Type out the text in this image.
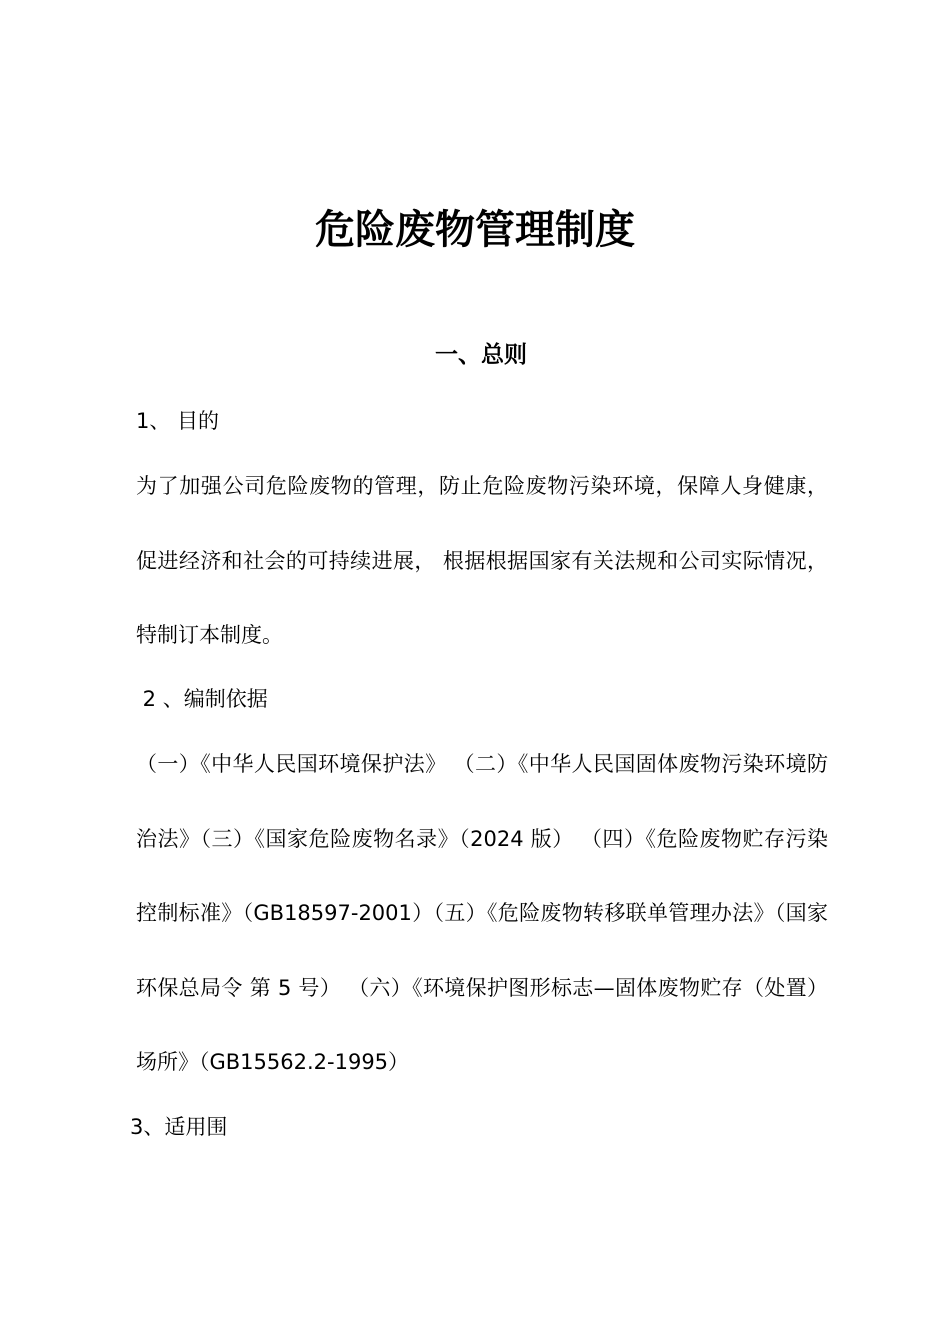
危险废物管理制度
一、总则

1、 目的

为了加强公司危险废物的管理，防止危险废物污染环境，保障人身健康，促进经济和社会的可持续进展， 根据根据国家有关法规和公司实际情况，特制订本制度。

2 、编制依据

（一）《中华人民国环境保护法》 （二）《中华人民国固体废物污染环境防治法》（三）《国家危险废物名录》（2024 版） （四）《危险废物贮存污染控制标准》（GB18597-2001）（五）《危险废物转移联单管理办法》（国家环保总局令 第 5 号） （六）《环境保护图形标志—固体废物贮存（处置）场所》（GB15562.2-1995）

3、适用围
